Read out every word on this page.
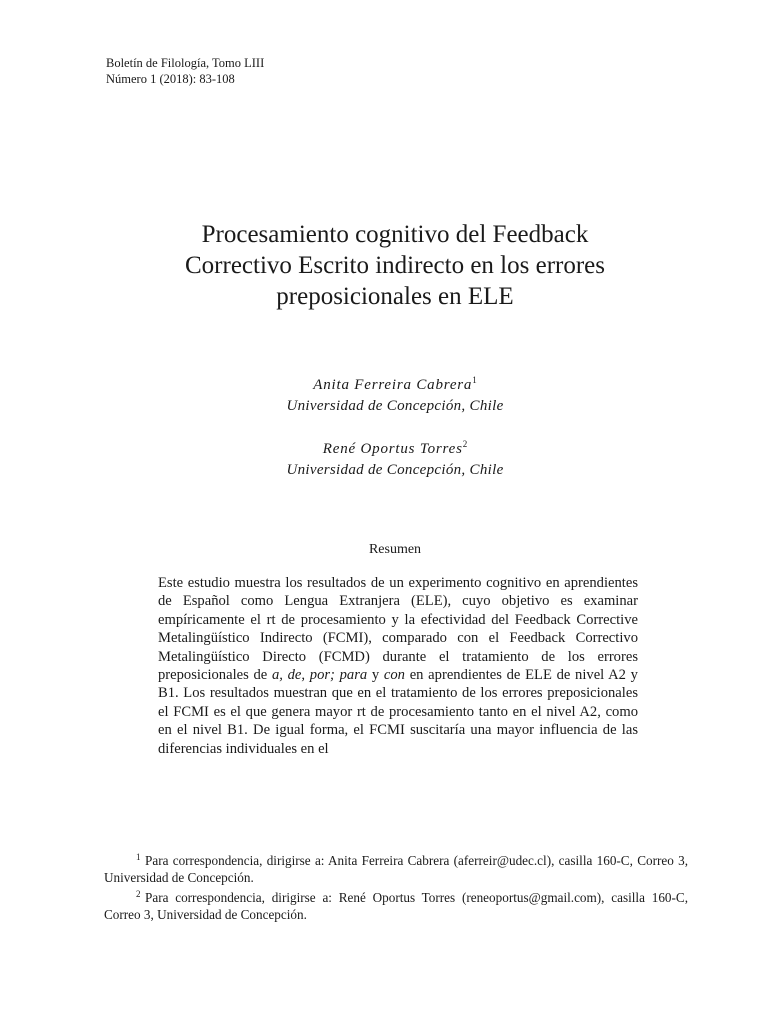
Boletín de Filología, Tomo LIII
Número 1 (2018): 83-108
Procesamiento cognitivo del Feedback
Correctivo Escrito indirecto en los errores
preposicionales en ELE
Anita Ferreira Cabrera$^1$
Universidad de Concepción, Chile
René Oportus Torres$^2$
Universidad de Concepción, Chile
Resumen

Este estudio muestra los resultados de un experimento cognitivo en aprendientes de Español como Lengua Extranjera (ELE), cuyo objetivo es examinar empíricamente el rt de procesamiento y la efectividad del Feedback Corrective Metalingüístico Indirecto (FCMI), comparado con el Feedback Correctivo Metalingüístico Directo (FCMD) durante el tratamiento de los errores preposicionales de a, de, por; para y con en aprendientes de ELE de nivel A2 y B1. Los resultados muestran que en el tratamiento de los errores preposicionales el FCMI es el que genera mayor rt de procesamiento tanto en el nivel A2, como en el nivel B1. De igual forma, el FCMI suscitaría una mayor influencia de las diferencias individuales en el

1 Para correspondencia, dirigirse a: Anita Ferreira Cabrera (aferreir@udec.cl), casilla 160-C, Correo 3, Universidad de Concepción.

2 Para correspondencia, dirigirse a: René Oportus Torres (reneoportus@gmail.com), casilla 160-C, Correo 3, Universidad de Concepción.
